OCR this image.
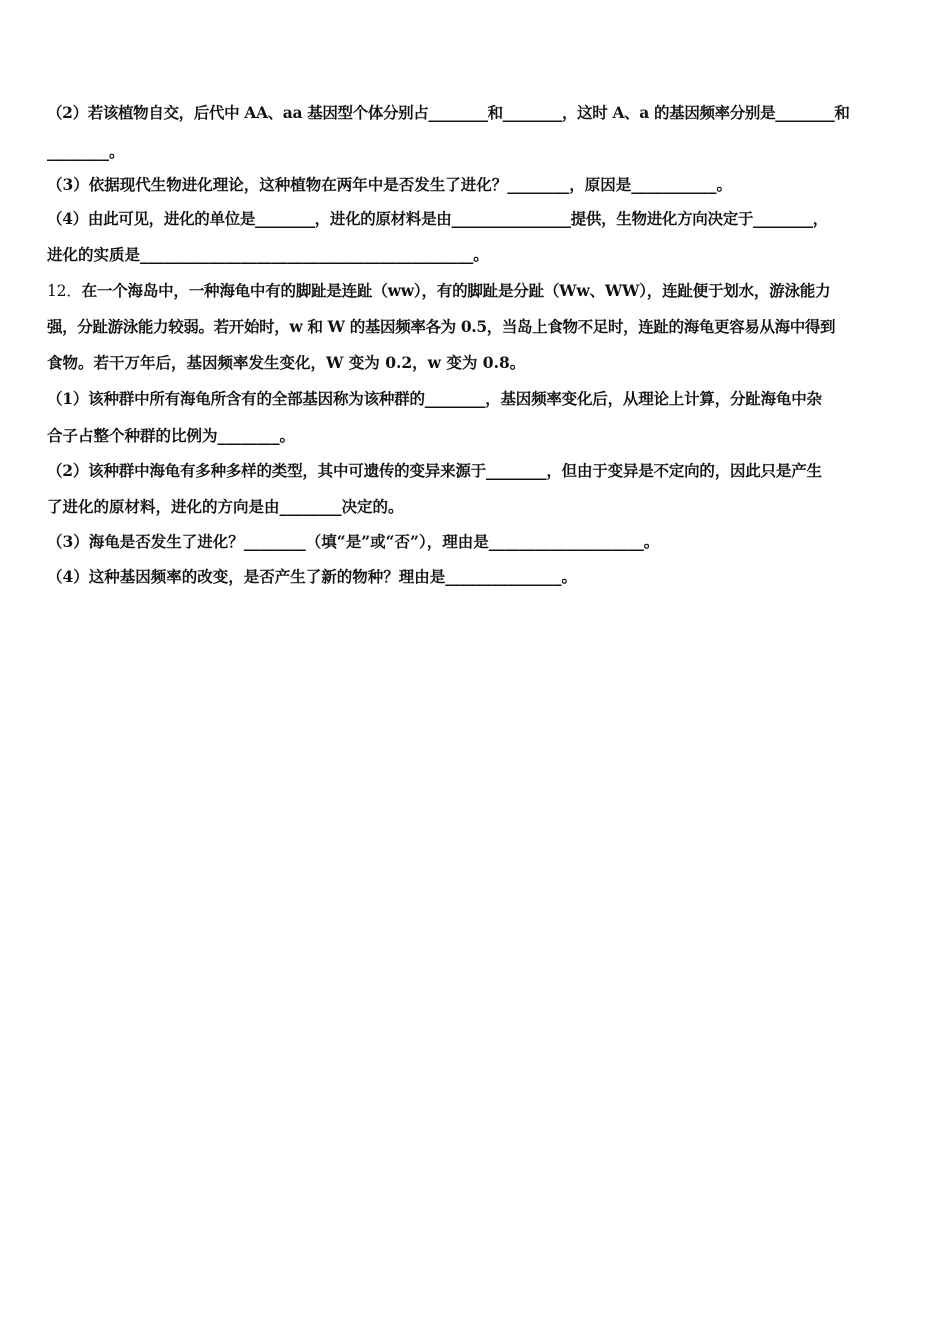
（2）若该植物自交，后代中 AA、aa 基因型个体分别占________和________，这时 A、a 的基因频率分别是________和
________。
（3）依据现代生物进化理论，这种植物在两年中是否发生了进化？________，原因是___________。
（4）由此可见，进化的单位是________，进化的原材料是由________________提供，生物进化方向决定于________，
进化的实质是___________________________________________。
12．在一个海岛中，一种海龟中有的脚趾是连趾（ww），有的脚趾是分趾（Ww、WW），连趾便于划水，游泳能力
强，分趾游泳能力较弱。若开始时，w 和 W 的基因频率各为 0.5，当岛上食物不足时，连趾的海龟更容易从海中得到
食物。若干万年后，基因频率发生变化，W 变为 0.2，w 变为 0.8。
（1）该种群中所有海龟所含有的全部基因称为该种群的________，基因频率变化后，从理论上计算，分趾海龟中杂
合子占整个种群的比例为________。
（2）该种群中海龟有多种多样的类型，其中可遗传的变异来源于________，但由于变异是不定向的，因此只是产生
了进化的原材料，进化的方向是由________决定的。
（3）海龟是否发生了进化？________（填“是”或“否”），理由是____________________。
（4）这种基因频率的改变，是否产生了新的物种？理由是_______________。
